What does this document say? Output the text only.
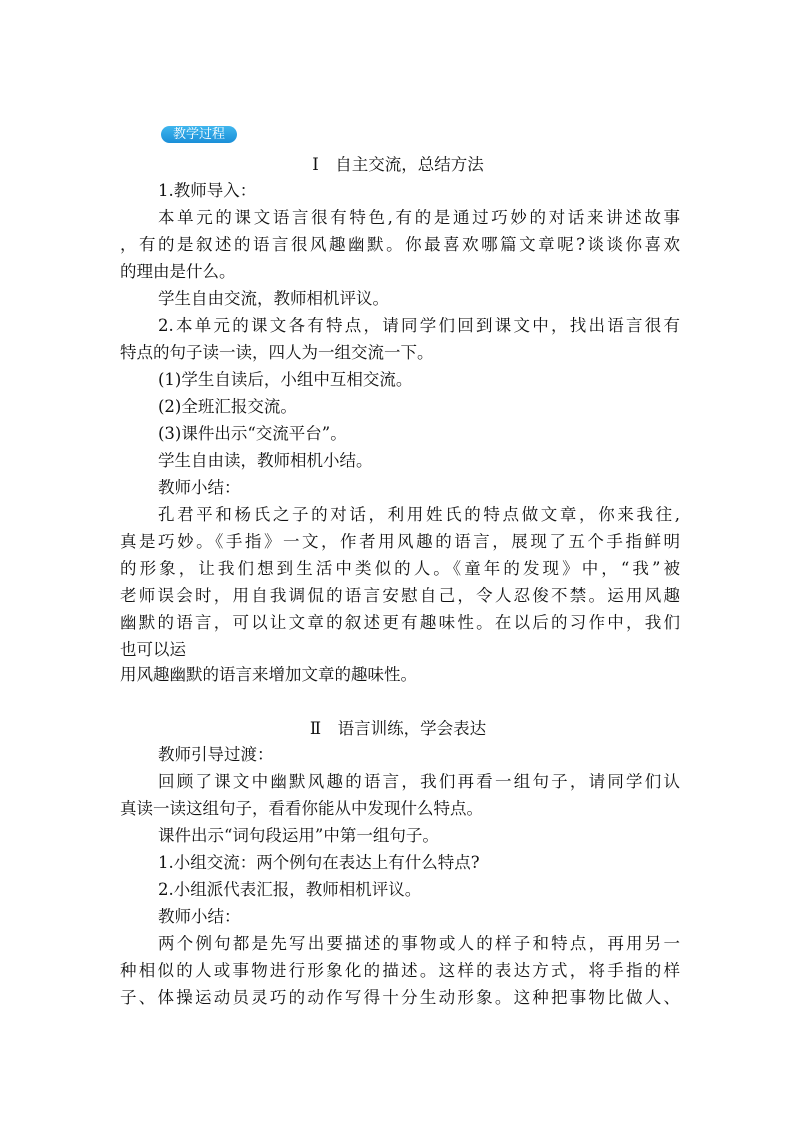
教学过程
Ⅰ　自主交流，总结方法
1.教师导入：
本单元的课文语言很有特色,有的是通过巧妙的对话来讲述故事
，有的是叙述的语言很风趣幽默。你最喜欢哪篇文章呢?谈谈你喜欢
的理由是什么。
学生自由交流，教师相机评议。
2.本单元的课文各有特点，请同学们回到课文中，找出语言很有
特点的句子读一读，四人为一组交流一下。
(1)学生自读后，小组中互相交流。
(2)全班汇报交流。
(3)课件出示“交流平台”。
学生自由读，教师相机小结。
教师小结：
孔君平和杨氏之子的对话，利用姓氏的特点做文章，你来我往,
真是巧妙。《手指》一文，作者用风趣的语言，展现了五个手指鲜明
的形象，让我们想到生活中类似的人。《童年的发现》中，“我”被
老师误会时，用自我调侃的语言安慰自己，令人忍俊不禁。运用风趣
幽默的语言，可以让文章的叙述更有趣味性。在以后的习作中，我们
也可以运
用风趣幽默的语言来增加文章的趣味性。
Ⅱ　语言训练，学会表达
教师引导过渡：
回顾了课文中幽默风趣的语言，我们再看一组句子，请同学们认
真读一读这组句子，看看你能从中发现什么特点。
课件出示“词句段运用”中第一组句子。
1.小组交流：两个例句在表达上有什么特点?
2.小组派代表汇报，教师相机评议。
教师小结：
两个例句都是先写出要描述的事物或人的样子和特点，再用另一
种相似的人或事物进行形象化的描述。这样的表达方式，将手指的样
子、体操运动员灵巧的动作写得十分生动形象。这种把事物比做人、
